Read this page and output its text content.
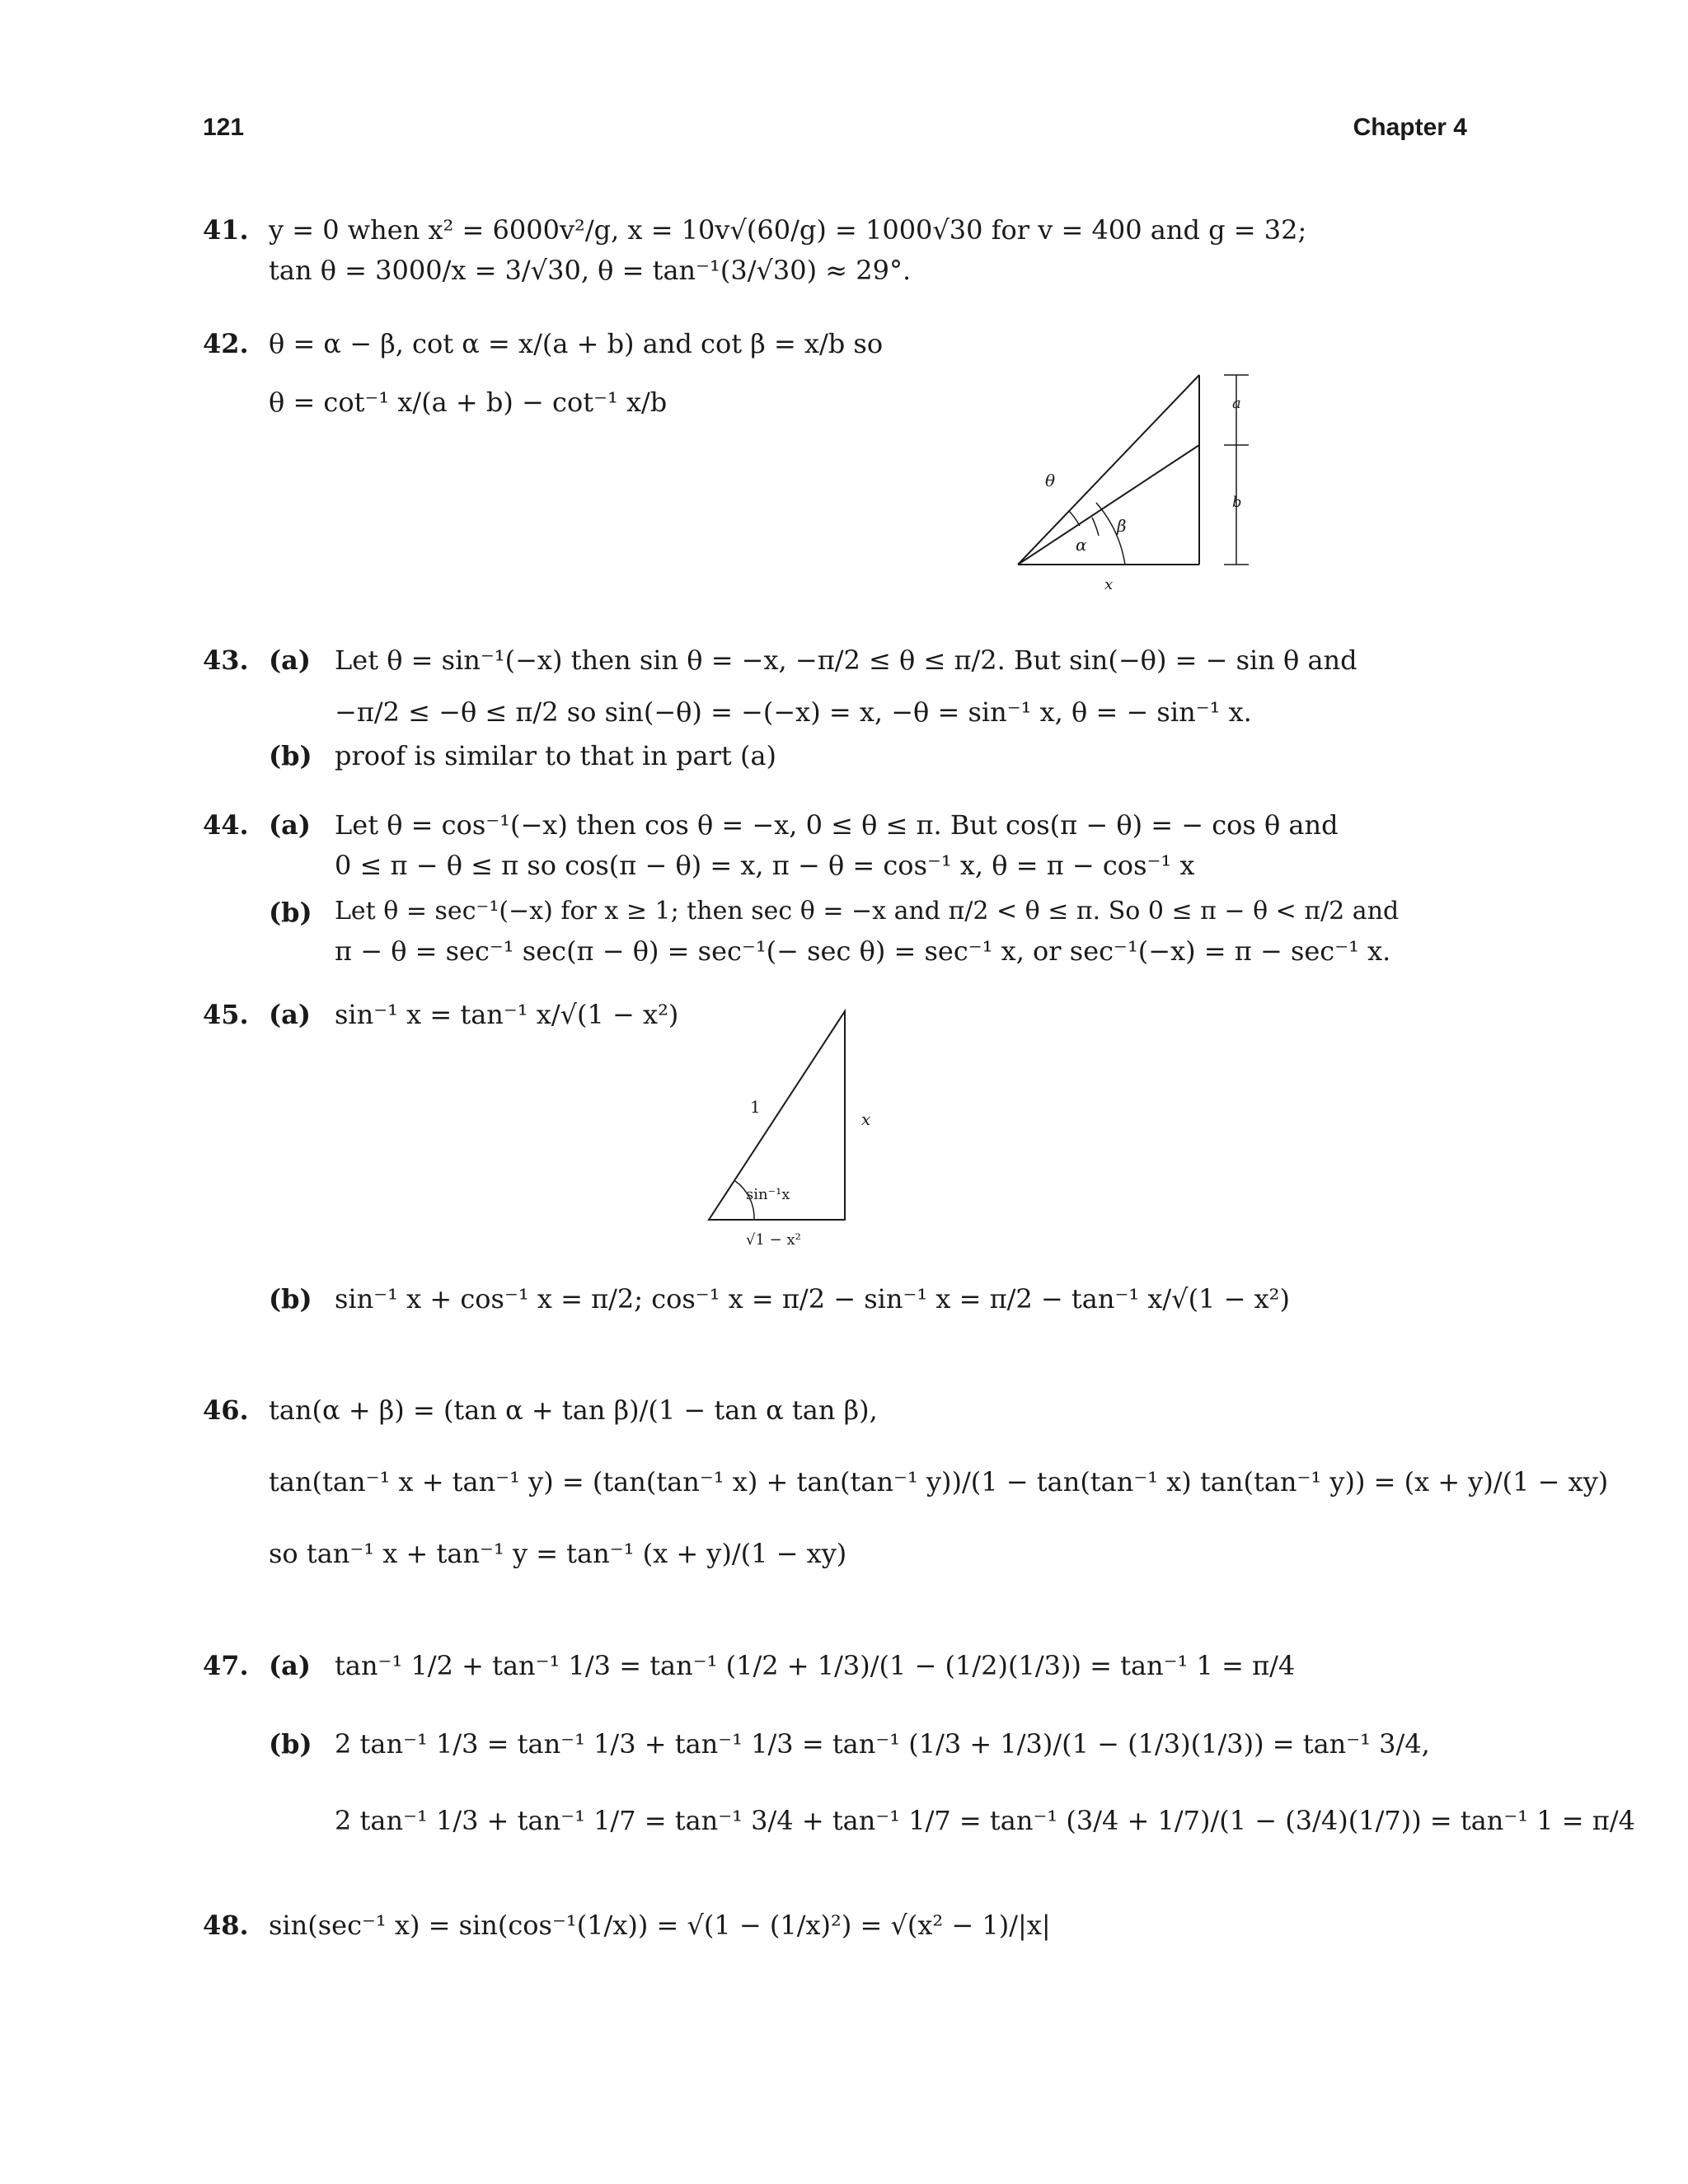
121	Chapter 4
41. y = 0 when x² = 6000v²/g, x = 10v√(60/g) = 1000√30 for v = 400 and g = 32;
tan θ = 3000/x = 3/√30, θ = tan⁻¹(3/√30) ≈ 29°.
42. θ = α − β, cot α = x/(a + b) and cot β = x/b so
θ = cot⁻¹ x/(a + b) − cot⁻¹ x/b	a
b
θ
α
β
x
43. (a) Let θ = sin⁻¹(−x) then sin θ = −x, −π/2 ≤ θ ≤ π/2. But sin(−θ) = − sin θ and
−π/2 ≤ −θ ≤ π/2 so sin(−θ) = −(−x) = x, −θ = sin⁻¹ x, θ = − sin⁻¹ x.
(b) proof is similar to that in part (a)
44. (a) Let θ = cos⁻¹(−x) then cos θ = −x, 0 ≤ θ ≤ π. But cos(π − θ) = − cos θ and
0 ≤ π − θ ≤ π so cos(π − θ) = x, π − θ = cos⁻¹ x, θ = π − cos⁻¹ x
(b) Let θ = sec⁻¹(−x) for x ≥ 1; then sec θ = −x and π/2 < θ ≤ π. So 0 ≤ π − θ < π/2 and
π − θ = sec⁻¹ sec(π − θ) = sec⁻¹(− sec θ) = sec⁻¹ x, or sec⁻¹(−x) = π − sec⁻¹ x.
45. (a) sin⁻¹ x = tan⁻¹ x/√(1 − x²)
1
x
sin⁻¹x
√1 − x²
(b) sin⁻¹ x + cos⁻¹ x = π/2; cos⁻¹ x = π/2 − sin⁻¹ x = π/2 − tan⁻¹ x/√(1 − x²)
46. tan(α + β) = (tan α + tan β)/(1 − tan α tan β),
tan(tan⁻¹ x + tan⁻¹ y) = (tan(tan⁻¹ x) + tan(tan⁻¹ y))/(1 − tan(tan⁻¹ x) tan(tan⁻¹ y)) = (x + y)/(1 − xy)
so tan⁻¹ x + tan⁻¹ y = tan⁻¹ (x + y)/(1 − xy)
47. (a) tan⁻¹ 1/2 + tan⁻¹ 1/3 = tan⁻¹ (1/2 + 1/3)/(1 − (1/2)(1/3)) = tan⁻¹ 1 = π/4
(b) 2 tan⁻¹ 1/3 = tan⁻¹ 1/3 + tan⁻¹ 1/3 = tan⁻¹ (1/3 + 1/3)/(1 − (1/3)(1/3)) = tan⁻¹ 3/4,
2 tan⁻¹ 1/3 + tan⁻¹ 1/7 = tan⁻¹ 3/4 + tan⁻¹ 1/7 = tan⁻¹ (3/4 + 1/7)/(1 − (3/4)(1/7)) = tan⁻¹ 1 = π/4
48. sin(sec⁻¹ x) = sin(cos⁻¹(1/x)) = √(1 − (1/x)²) = √(x² − 1)/|x|
